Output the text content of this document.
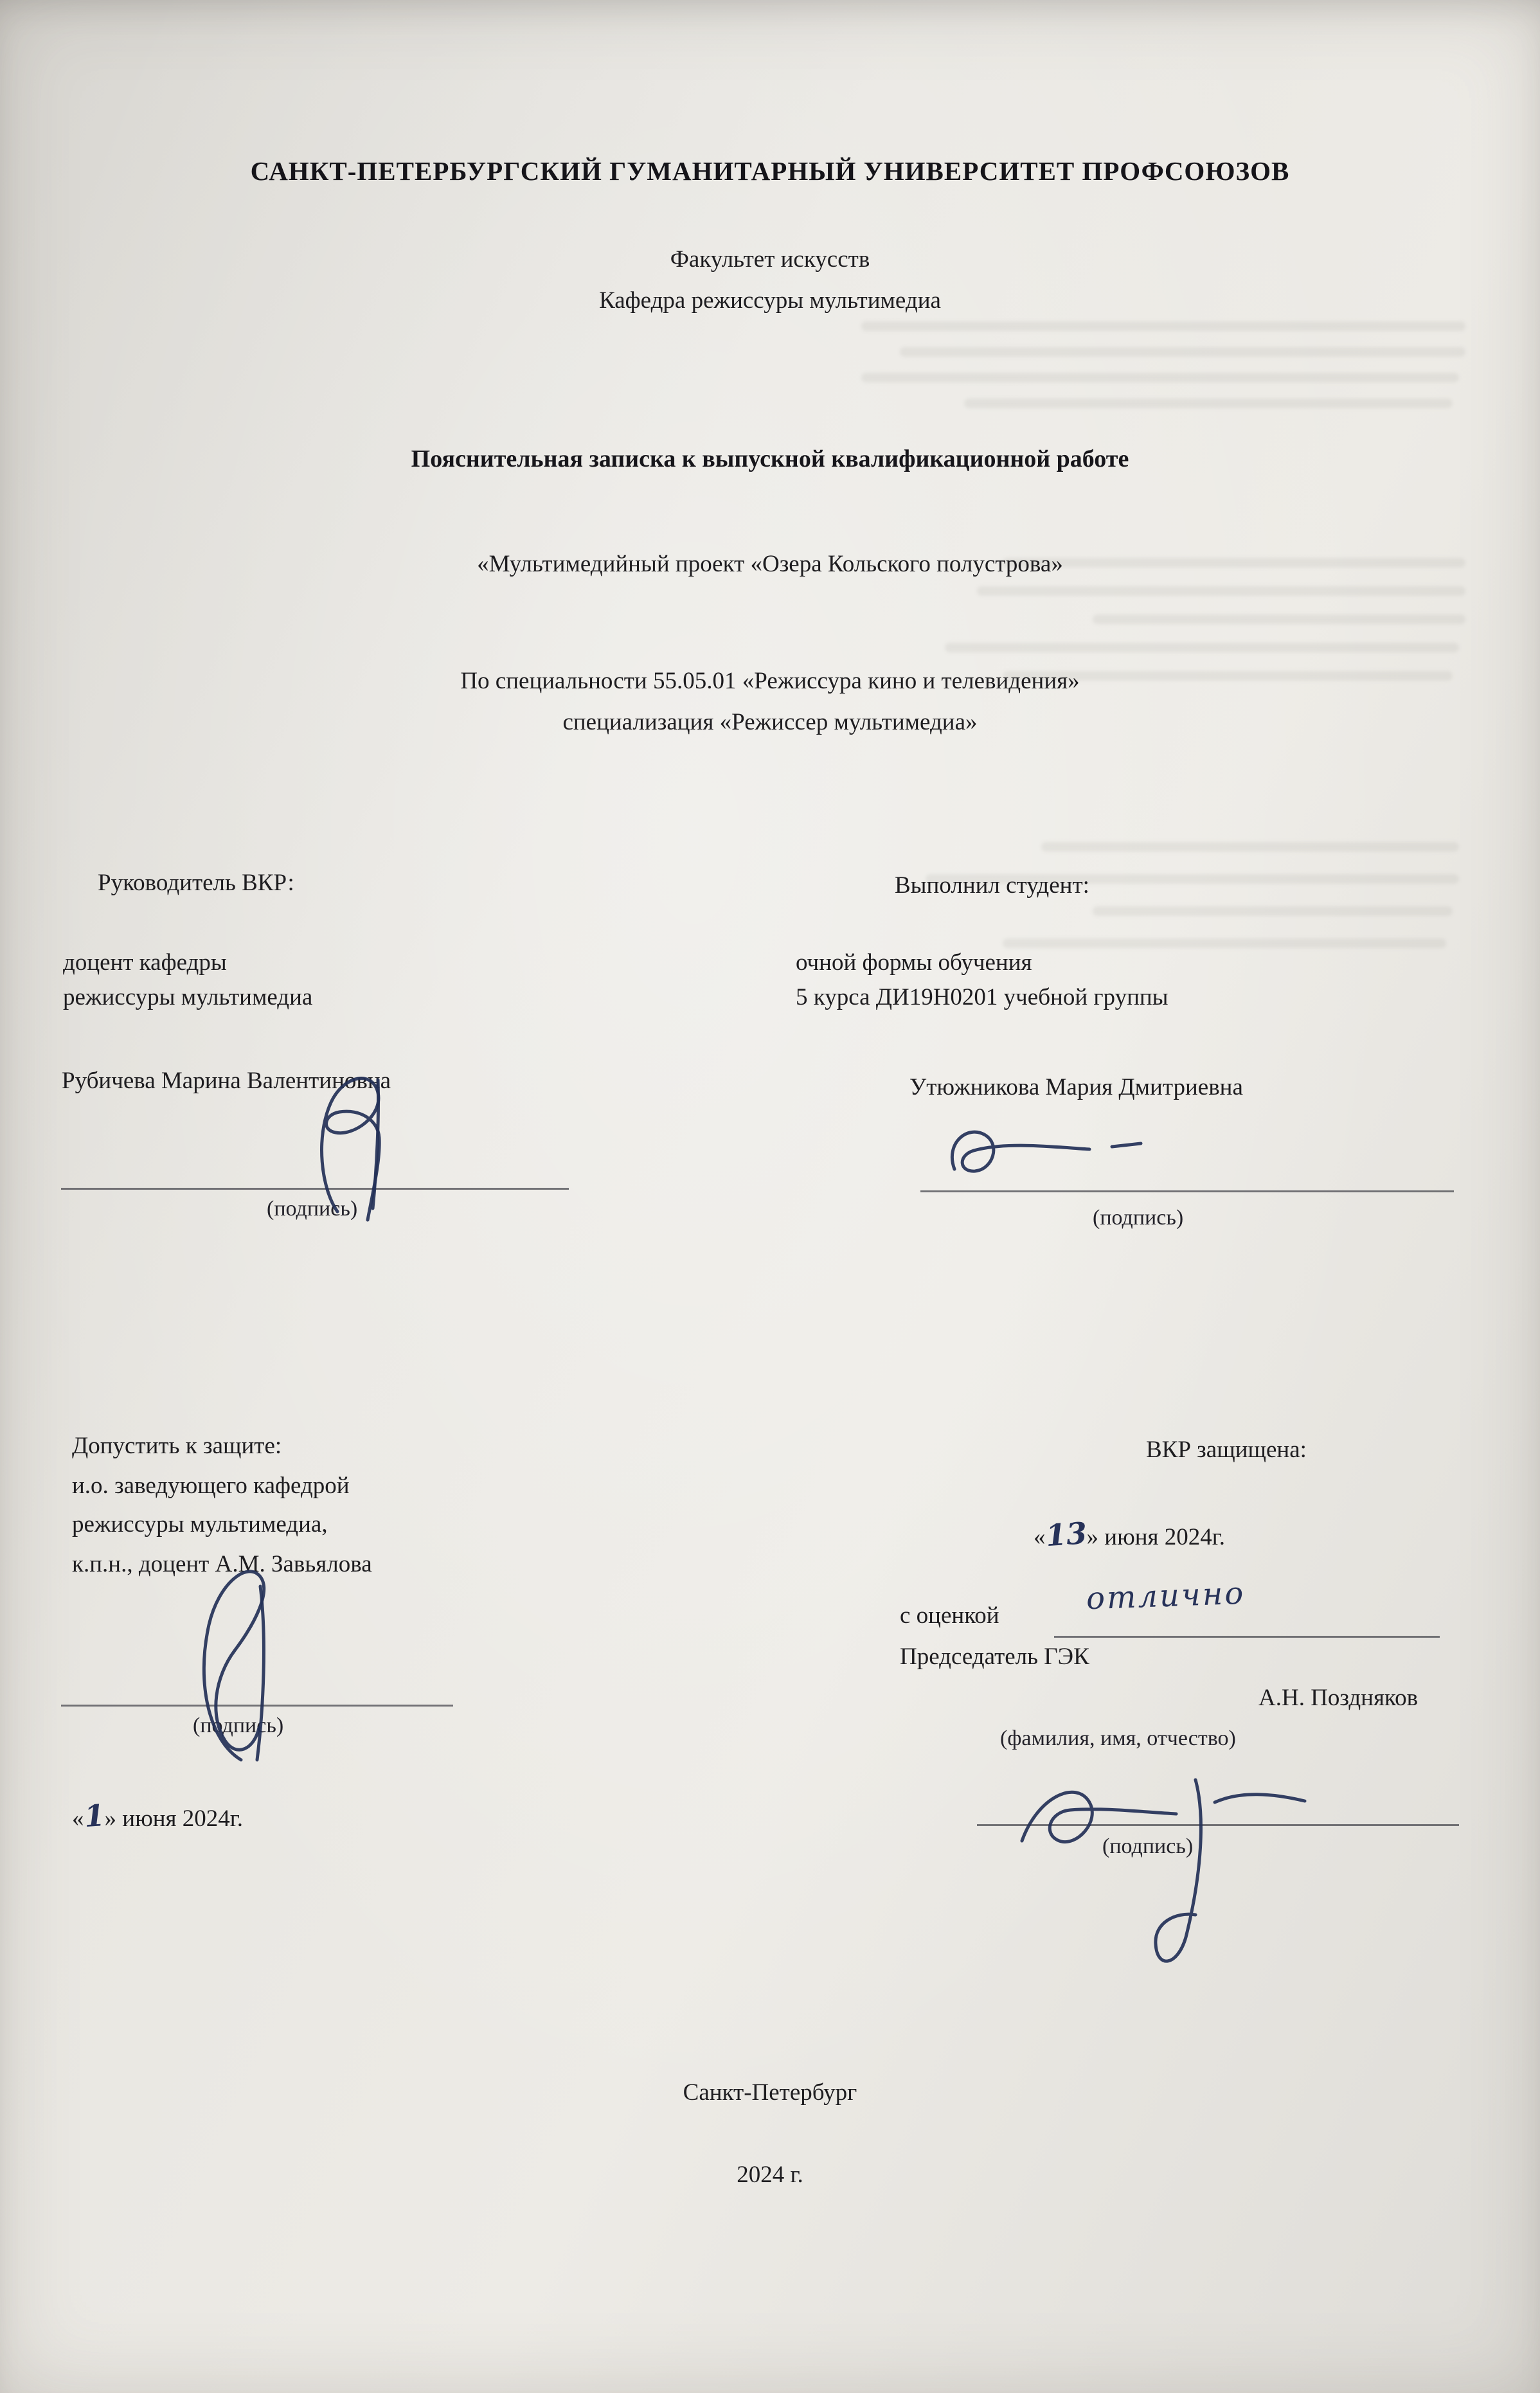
САНКТ-ПЕТЕРБУРГСКИЙ ГУМАНИТАРНЫЙ УНИВЕРСИТЕТ ПРОФСОЮЗОВ
Факультет искусств
Кафедра режиссуры мультимедиа
Пояснительная записка к выпускной квалификационной работе
«Мультимедийный проект «Озера Кольского полустрова»
По специальности 55.05.01 «Режиссура кино и телевидения»
специализация «Режиссер мультимедиа»
Руководитель ВКР:
доцент кафедры
режиссуры мультимедиа
Рубичева Марина Валентиновна
(подпись)
Выполнил студент:
очной формы обучения
5 курса ДИ19Н0201 учебной группы
Утюжникова Мария Дмитриевна
(подпись)
Допустить к защите:
и.о. заведующего кафедрой
режиссуры мультимедиа,
к.п.н., доцент А.М. Завьялова
(подпись)
«1» июня 2024г.
ВКР защищена:
«13» июня 2024г.
с оценкой	отлично
Председатель ГЭК
А.Н. Поздняков
(фамилия, имя, отчество)
(подпись)
Санкт-Петербург
2024 г.
